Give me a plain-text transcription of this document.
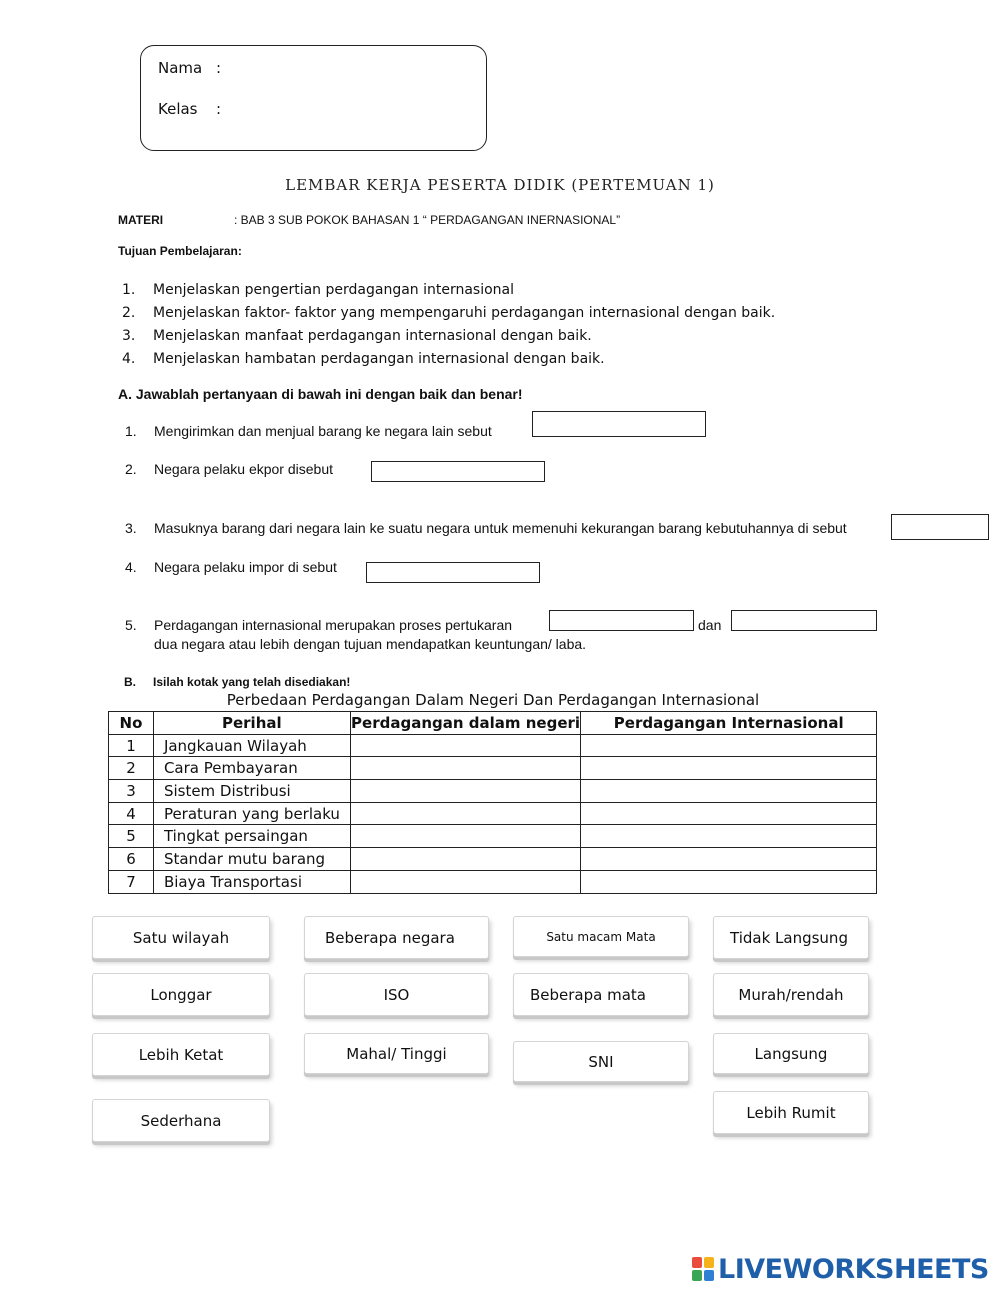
Nama :
Kelas :
LEMBAR KERJA PESERTA DIDIK (PERTEMUAN 1)
MATERI	: BAB 3 SUB POKOK BAHASAN 1 “ PERDAGANGAN INERNASIONAL”
Tujuan Pembelajaran:
1.	Menjelaskan pengertian perdagangan internasional
2.	Menjelaskan faktor- faktor yang mempengaruhi perdagangan internasional dengan baik.
3.	Menjelaskan manfaat perdagangan internasional dengan baik.
4.	Menjelaskan hambatan perdagangan internasional dengan baik.
A. Jawablah pertanyaan di bawah ini dengan baik dan benar!
1. Mengirimkan dan menjual barang ke negara lain sebut
2. Negara pelaku ekpor disebut
3. Masuknya barang dari negara lain ke suatu negara untuk memenuhi kekurangan barang kebutuhannya di sebut
4. Negara pelaku impor di sebut
5. Perdagangan internasional merupakan proses pertukaran	dan
dua negara atau lebih dengan tujuan mendapatkan keuntungan/ laba.
B. Isilah kotak yang telah disediakan!
Perbedaan Perdagangan Dalam Negeri Dan Perdagangan Internasional
No	Perihal	Perdagangan dalam negeri	Perdagangan Internasional
1	Jangkauan Wilayah		
2	Cara Pembayaran		
3	Sistem Distribusi		
4	Peraturan yang berlaku		
5	Tingkat persaingan		
6	Standar mutu barang		
7	Biaya Transportasi		
Satu wilayah	Beberapa negara	Satu macam Mata	Tidak Langsung
Longgar	ISO	Beberapa mata	Murah/rendah
Lebih Ketat	Mahal/ Tinggi	SNI	Langsung
Sederhana	Lebih Rumit
LIVEWORKSHEETS
